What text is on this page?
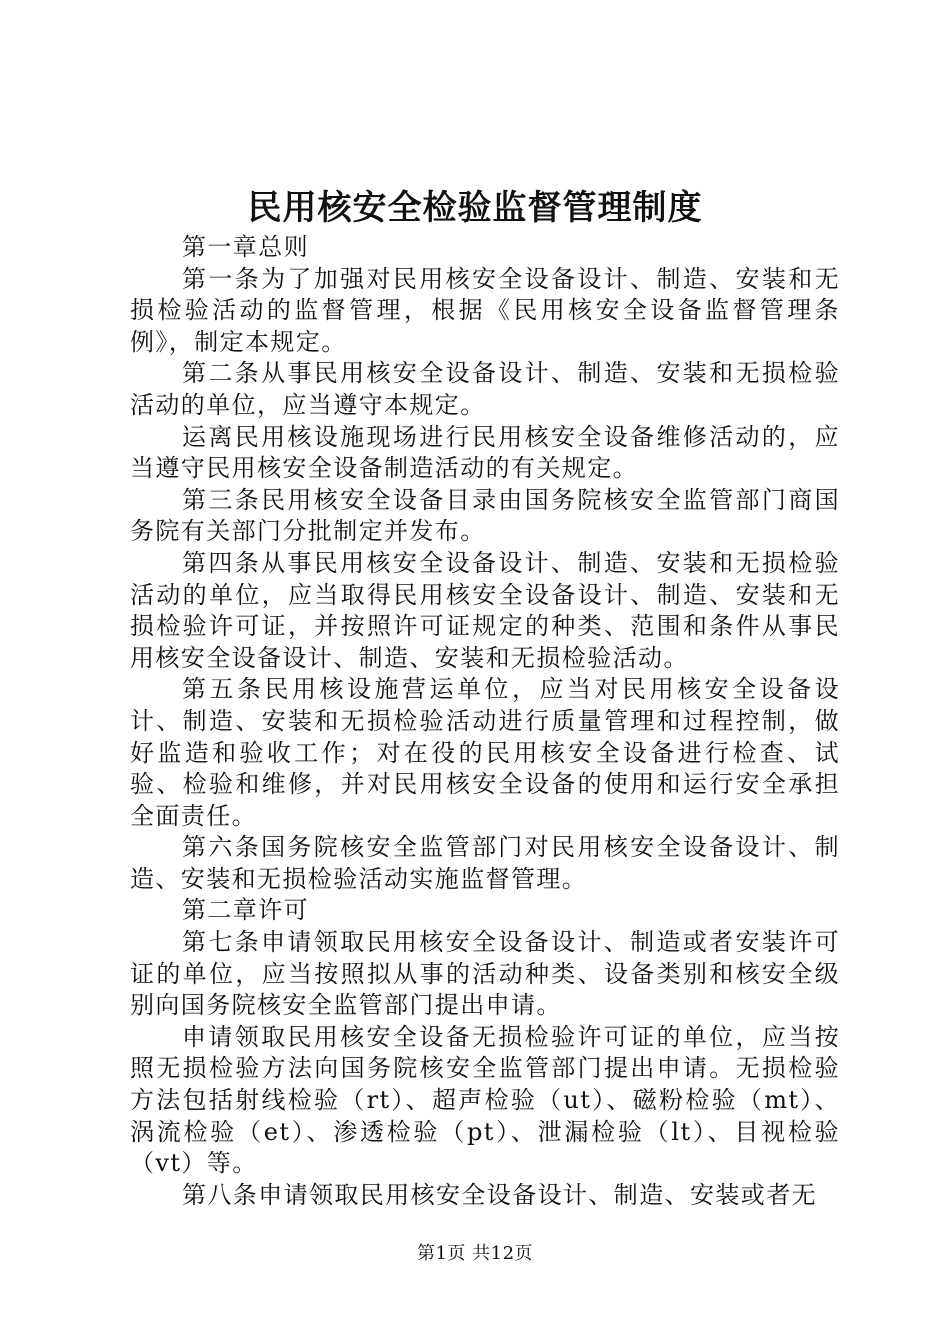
民用核安全检验监督管理制度

第一章总则

第一条为了加强对民用核安全设备设计、制造、安装和无损检验活动的监督管理，根据《民用核安全设备监督管理条例》，制定本规定。

第二条从事民用核安全设备设计、制造、安装和无损检验活动的单位，应当遵守本规定。

运离民用核设施现场进行民用核安全设备维修活动的，应当遵守民用核安全设备制造活动的有关规定。

第三条民用核安全设备目录由国务院核安全监管部门商国务院有关部门分批制定并发布。

第四条从事民用核安全设备设计、制造、安装和无损检验活动的单位，应当取得民用核安全设备设计、制造、安装和无损检验许可证，并按照许可证规定的种类、范围和条件从事民用核安全设备设计、制造、安装和无损检验活动。

第五条民用核设施营运单位，应当对民用核安全设备设计、制造、安装和无损检验活动进行质量管理和过程控制，做好监造和验收工作；对在役的民用核安全设备进行检查、试验、检验和维修，并对民用核安全设备的使用和运行安全承担全面责任。

第六条国务院核安全监管部门对民用核安全设备设计、制造、安装和无损检验活动实施监督管理。

第二章许可

第七条申请领取民用核安全设备设计、制造或者安装许可证的单位，应当按照拟从事的活动种类、设备类别和核安全级别向国务院核安全监管部门提出申请。

申请领取民用核安全设备无损检验许可证的单位，应当按照无损检验方法向国务院核安全监管部门提出申请。无损检验方法包括射线检验（rt）、超声检验（ut）、磁粉检验（mt）、涡流检验（et）、渗透检验（pt）、泄漏检验（lt）、目视检验（vt）等。

第八条申请领取民用核安全设备设计、制造、安装或者无

第1页 共12页
